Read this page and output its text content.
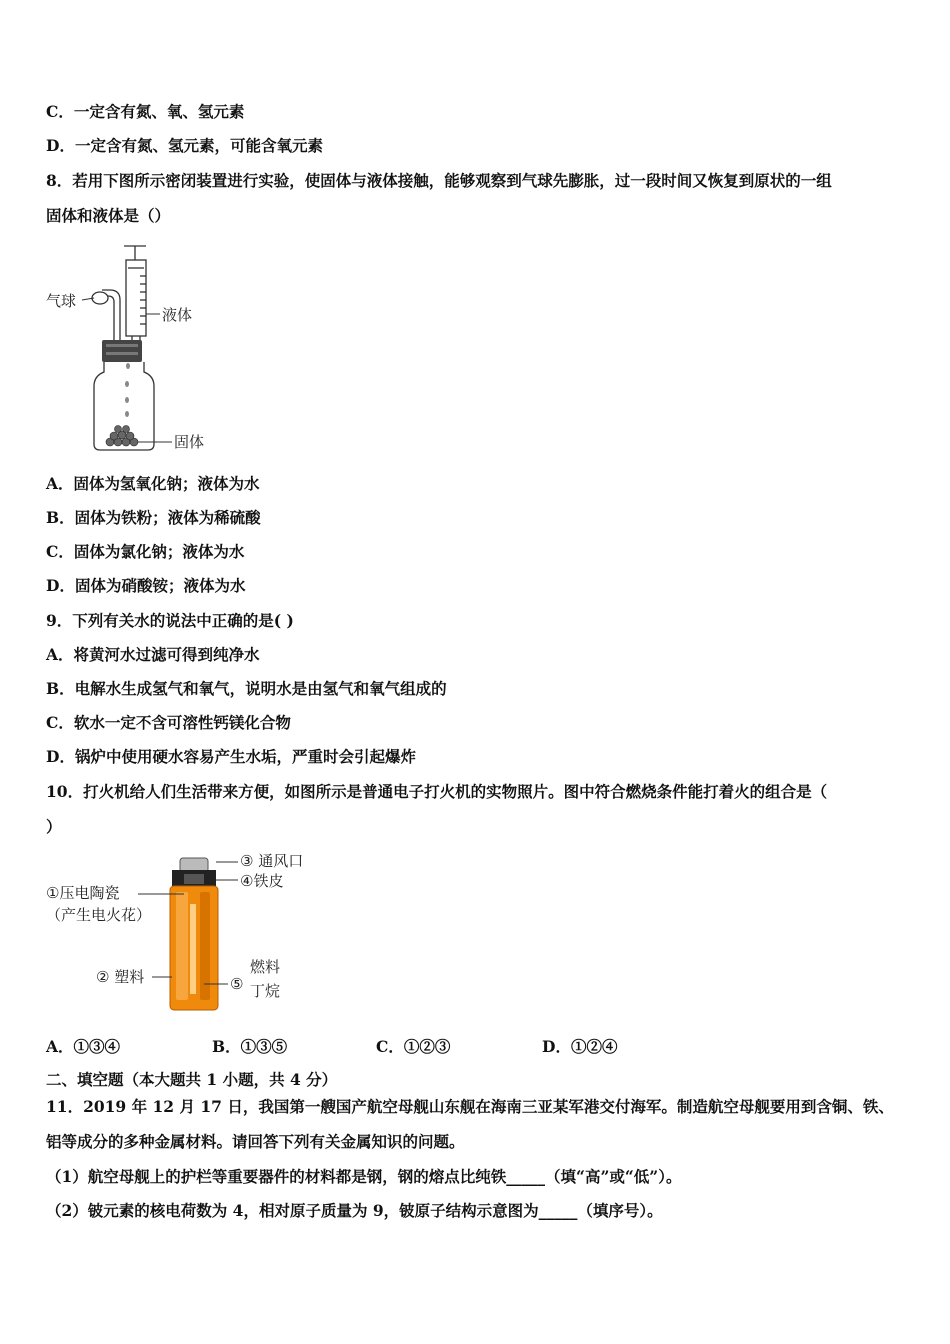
C．一定含有氮、氧、氢元素
D．一定含有氮、氢元素，可能含氧元素
8．若用下图所示密闭装置进行实验，使固体与液体接触，能够观察到气球先膨胀，过一段时间又恢复到原状的一组
固体和液体是（）
气球
液体
固体
A．固体为氢氧化钠；液体为水
B．固体为铁粉；液体为稀硫酸
C．固体为氯化钠；液体为水
D．固体为硝酸铵；液体为水
9．下列有关水的说法中正确的是( )
A．将黄河水过滤可得到纯净水
B．电解水生成氢气和氧气，说明水是由氢气和氧气组成的
C．软水一定不含可溶性钙镁化合物
D．锅炉中使用硬水容易产生水垢，严重时会引起爆炸
10．打火机给人们生活带来方便，如图所示是普通电子打火机的实物照片。图中符合燃烧条件能打着火的组合是（
）
③ 通风口
④铁皮
①压电陶瓷
（产生电火花）
② 塑料
燃料
⑤ 丁烷
A．①③④	B．①③⑤	C．①②③	D．①②④
二、填空题（本大题共 1 小题，共 4 分）
11．2019 年 12 月 17 日，我国第一艘国产航空母舰山东舰在海南三亚某军港交付海军。制造航空母舰要用到含铜、铁、
铝等成分的多种金属材料。请回答下列有关金属知识的问题。
（1）航空母舰上的护栏等重要器件的材料都是钢，钢的熔点比纯铁_____（填“高”或“低”）。
（2）铍元素的核电荷数为 4，相对原子质量为 9，铍原子结构示意图为_____（填序号）。
